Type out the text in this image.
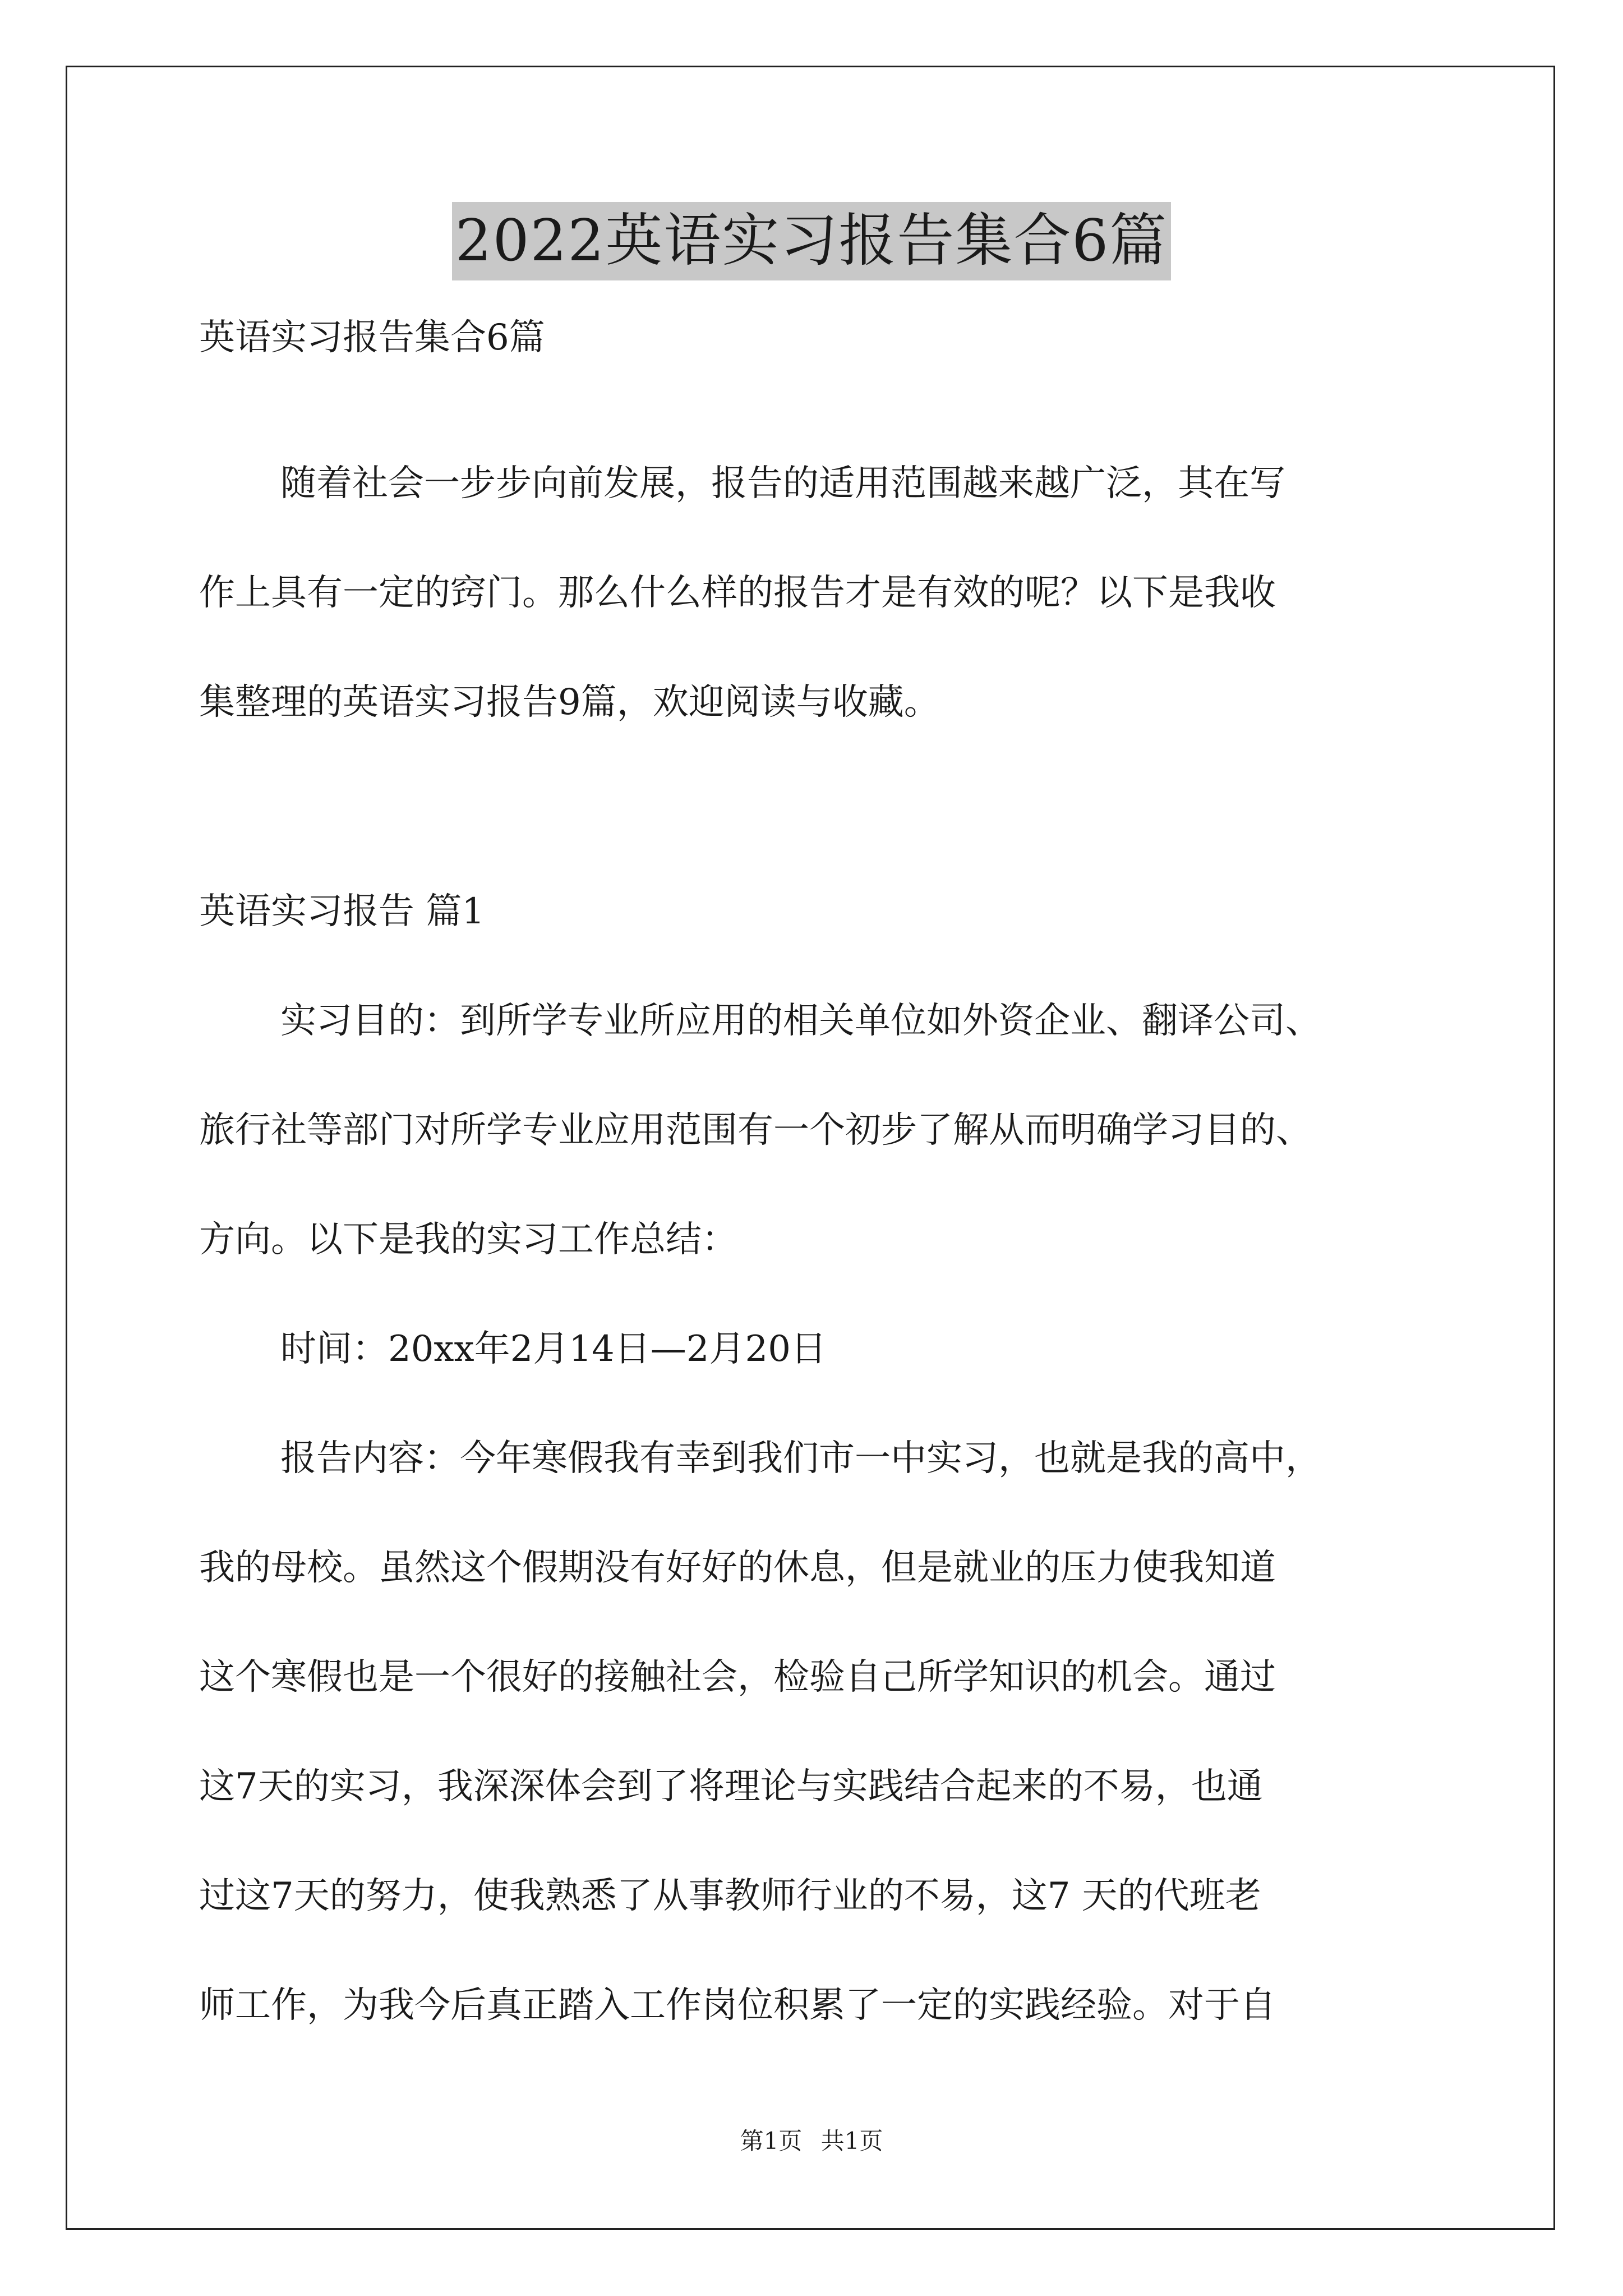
2022英语实习报告集合6篇
英语实习报告集合6篇
随着社会一步步向前发展，报告的适用范围越来越广泛，其在写
作上具有一定的窍门。那么什么样的报告才是有效的呢？以下是我收
集整理的英语实习报告9篇，欢迎阅读与收藏。
英语实习报告 篇1
实习目的：到所学专业所应用的相关单位如外资企业、翻译公司、
旅行社等部门对所学专业应用范围有一个初步了解从而明确学习目的、
方向。以下是我的实习工作总结：
时间：20xx年2月14日—2月20日
报告内容：今年寒假我有幸到我们市一中实习，也就是我的高中，
我的母校。虽然这个假期没有好好的休息，但是就业的压力使我知道
这个寒假也是一个很好的接触社会，检验自己所学知识的机会。通过
这7天的实习，我深深体会到了将理论与实践结合起来的不易，也通
过这7天的努力，使我熟悉了从事教师行业的不易，这7 天的代班老
师工作，为我今后真正踏入工作岗位积累了一定的实践经验。对于自
第1页 共1页
